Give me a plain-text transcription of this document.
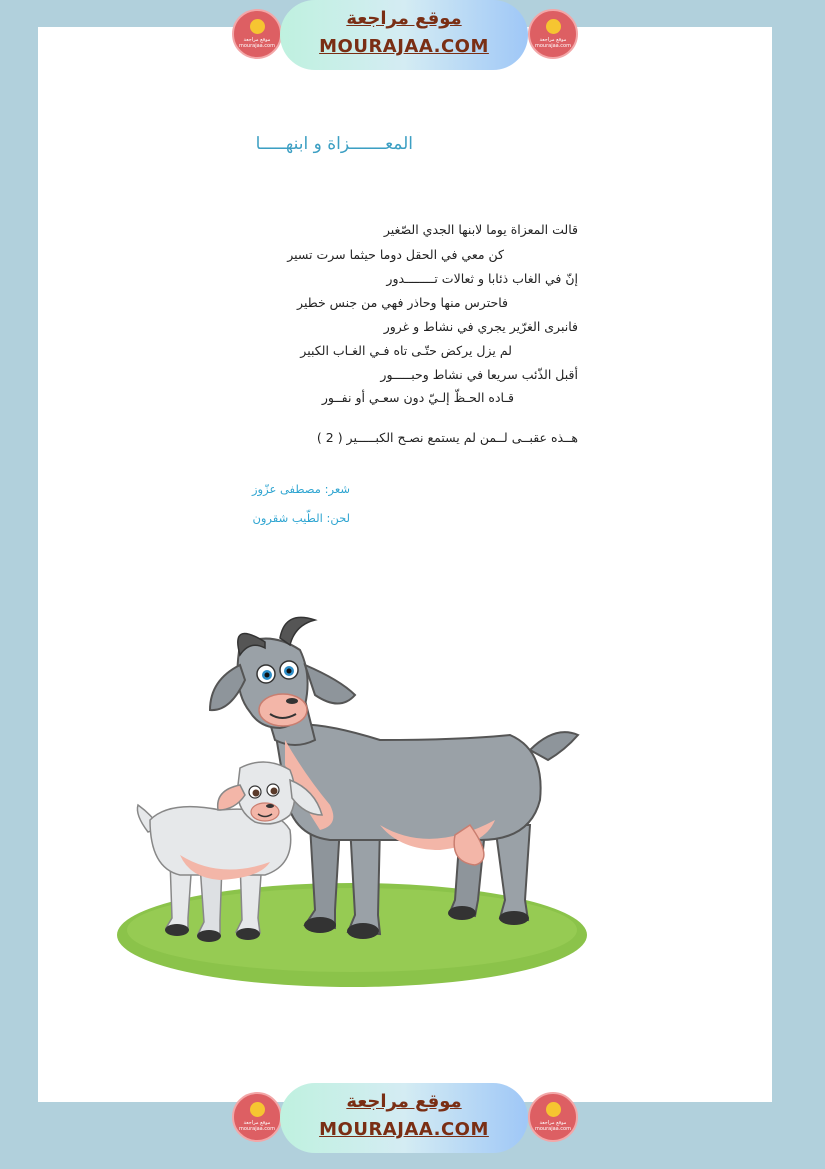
موقع مراجعة
mourajaa.com
موقع مراجعة
MOURAJAA.COM	موقع مراجعة
mourajaa.com
المعـــــــزاة و ابنهـــــا
قالت المعزاة يوما لابنها الجدي الصّغير
كن معي في الحقل دوما حيثما سرت تسير
إنّ في الغاب ذئابا و ثعالات تــــــــدور
فاحترس منها وحاذر فهي من جنس خطير
فانبرى الغرّير يجري في نشاط و غرور
لم يزل يركض حتّـى تاه فـي الغـاب الكبير
أقبل الذّئب سريعا في نشاط وحبـــــور
قـاده الحـظّ إلـيّ دون سعـي أو نفــور
هــذه عقبــى لــمن لم يستمع نصـح الكبـــــير ( 2 )
شعر: مصطفى عزّوز
لحن: الطّيب شقرون
موقع مراجعة
mourajaa.com
موقع مراجعة
MOURAJAA.COM	موقع مراجعة
mourajaa.com
